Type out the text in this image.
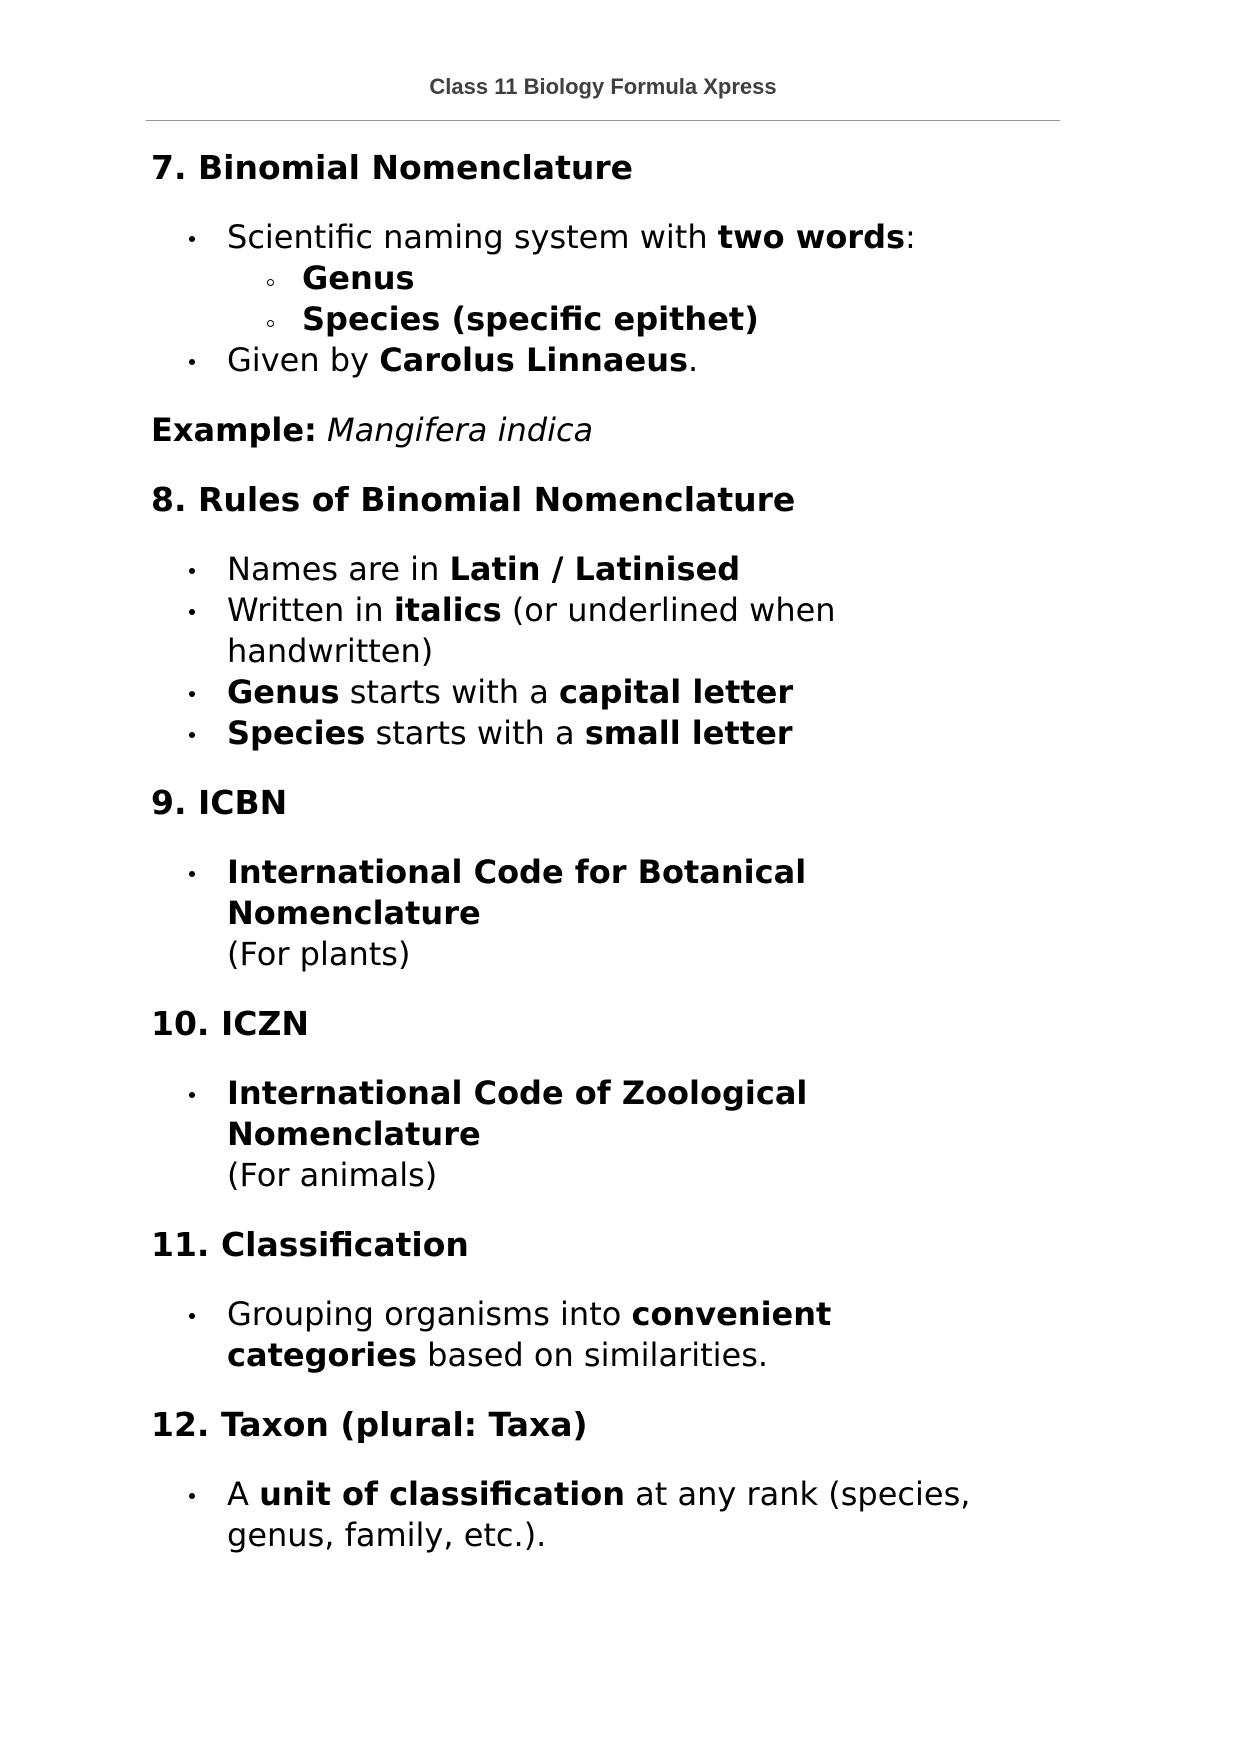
Class 11 Biology Formula Xpress
7. Binomial Nomenclature
Scientific naming system with two words:
Genus
Species (specific epithet)
Given by Carolus Linnaeus.
Example: Mangifera indica
8. Rules of Binomial Nomenclature
Names are in Latin / Latinised
Written in italics (or underlined when handwritten)
Genus starts with a capital letter
Species starts with a small letter
9. ICBN
International Code for Botanical Nomenclature
(For plants)
10. ICZN
International Code of Zoological Nomenclature
(For animals)
11. Classification
Grouping organisms into convenient categories based on similarities.
12. Taxon (plural: Taxa)
A unit of classification at any rank (species, genus, family, etc.).
